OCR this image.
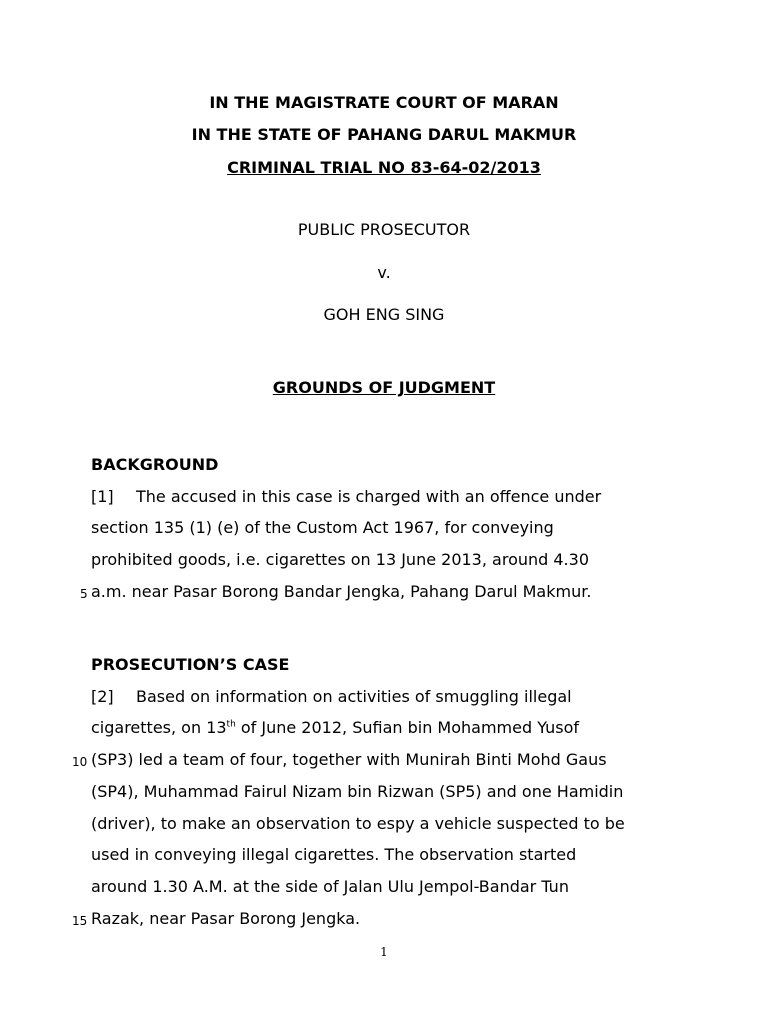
IN THE MAGISTRATE COURT OF MARAN
IN THE STATE OF PAHANG DARUL MAKMUR
CRIMINAL TRIAL NO 83-64-02/2013
PUBLIC PROSECUTOR
v.
GOH ENG SING
GROUNDS OF JUDGMENT
BACKGROUND
[1] The accused in this case is charged with an offence under
section 135 (1) (e) of the Custom Act 1967, for conveying
prohibited goods, i.e. cigarettes on 13 June 2013, around 4.30
5 a.m. near Pasar Borong Bandar Jengka, Pahang Darul Makmur.
PROSECUTION’S CASE
[2] Based on information on activities of smuggling illegal
cigarettes, on 13th of June 2012, Sufian bin Mohammed Yusof
10 (SP3) led a team of four, together with Munirah Binti Mohd Gaus
(SP4), Muhammad Fairul Nizam bin Rizwan (SP5) and one Hamidin
(driver), to make an observation to espy a vehicle suspected to be
used in conveying illegal cigarettes. The observation started
around 1.30 A.M. at the side of Jalan Ulu Jempol-Bandar Tun
15 Razak, near Pasar Borong Jengka.
1
